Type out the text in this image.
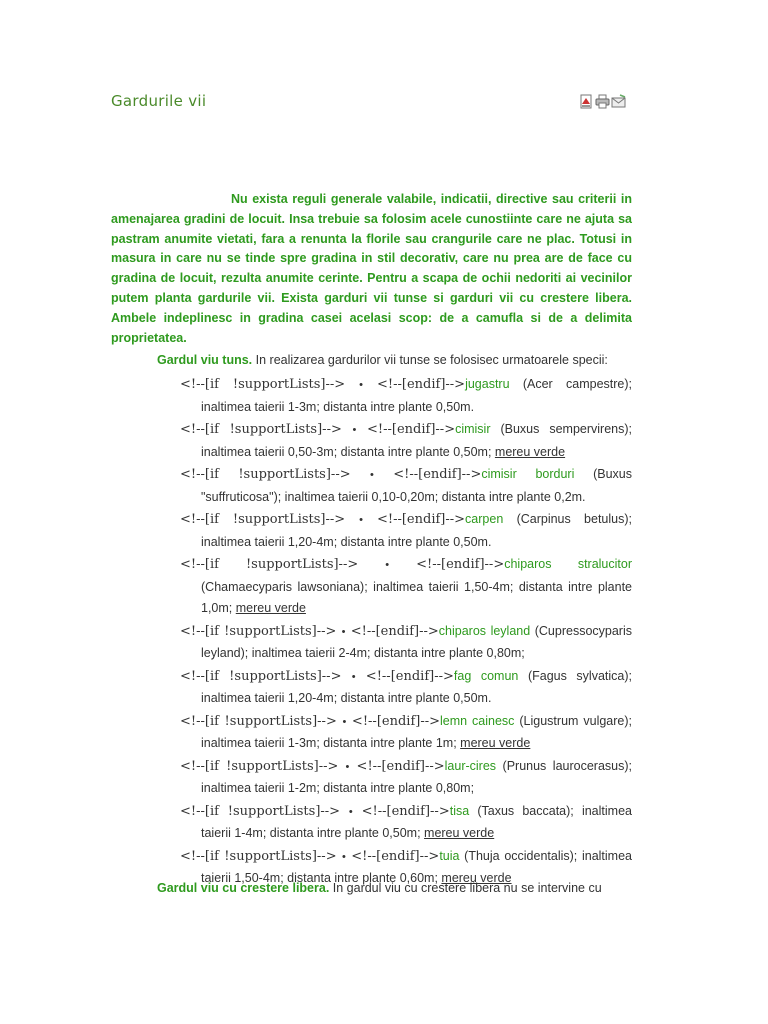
Gardurile vii

Nu exista reguli generale valabile, indicatii, directive sau criterii in amenajarea gradini de locuit. Insa trebuie sa folosim acele cunostiinte care ne ajuta sa pastram anumite vietati, fara a renunta la florile sau crangurile care ne plac. Totusi in masura in care nu se tinde spre gradina in stil decorativ, care nu prea are de face cu gradina de locuit, rezulta anumite cerinte. Pentru a scapa de ochii nedoriti ai vecinilor putem planta gardurile vii. Exista garduri vii tunse si garduri vii cu crestere libera. Ambele indeplinesc in gradina casei acelasi scop: de a camufla si de a delimita proprietatea.

Gardul viu tuns. In realizarea gardurilor vii tunse se folosisec urmatoarele specii:

<!--[if !supportLists]--> • <!--[endif]-->jugastru (Acer campestre); inaltimea taierii 1-3m; distanta intre plante 0,50m.
<!--[if !supportLists]--> • <!--[endif]-->cimisir (Buxus sempervirens); inaltimea taierii 0,50-3m; distanta intre plante 0,50m; mereu verde
<!--[if !supportLists]--> • <!--[endif]-->cimisir borduri (Buxus "suffruticosa"); inaltimea taierii 0,10-0,20m; distanta intre plante 0,2m.
<!--[if !supportLists]--> • <!--[endif]-->carpen (Carpinus betulus); inaltimea taierii 1,20-4m; distanta intre plante 0,50m.
<!--[if !supportLists]--> • <!--[endif]-->chiparos stralucitor (Chamaecyparis lawsoniana); inaltimea taierii 1,50-4m; distanta intre plante 1,0m; mereu verde
<!--[if !supportLists]--> • <!--[endif]-->chiparos leyland (Cupressocyparis leyland); inaltimea taierii 2-4m; distanta intre plante 0,80m;
<!--[if !supportLists]--> • <!--[endif]-->fag comun (Fagus sylvatica); inaltimea taierii 1,20-4m; distanta intre plante 0,50m.
<!--[if !supportLists]--> • <!--[endif]-->lemn cainesc (Ligustrum vulgare); inaltimea taierii 1-3m; distanta intre plante 1m; mereu verde
<!--[if !supportLists]--> • <!--[endif]-->laur-cires (Prunus laurocerasus); inaltimea taierii 1-2m; distanta intre plante 0,80m;
<!--[if !supportLists]--> • <!--[endif]-->tisa (Taxus baccata); inaltimea taierii 1-4m; distanta intre plante 0,50m; mereu verde
<!--[if !supportLists]--> • <!--[endif]-->tuia (Thuja occidentalis); inaltimea taierii 1,50-4m; distanta intre plante 0,60m; mereu verde

Gardul viu cu crestere libera. In gardul viu cu crestere libera nu se intervine cu
